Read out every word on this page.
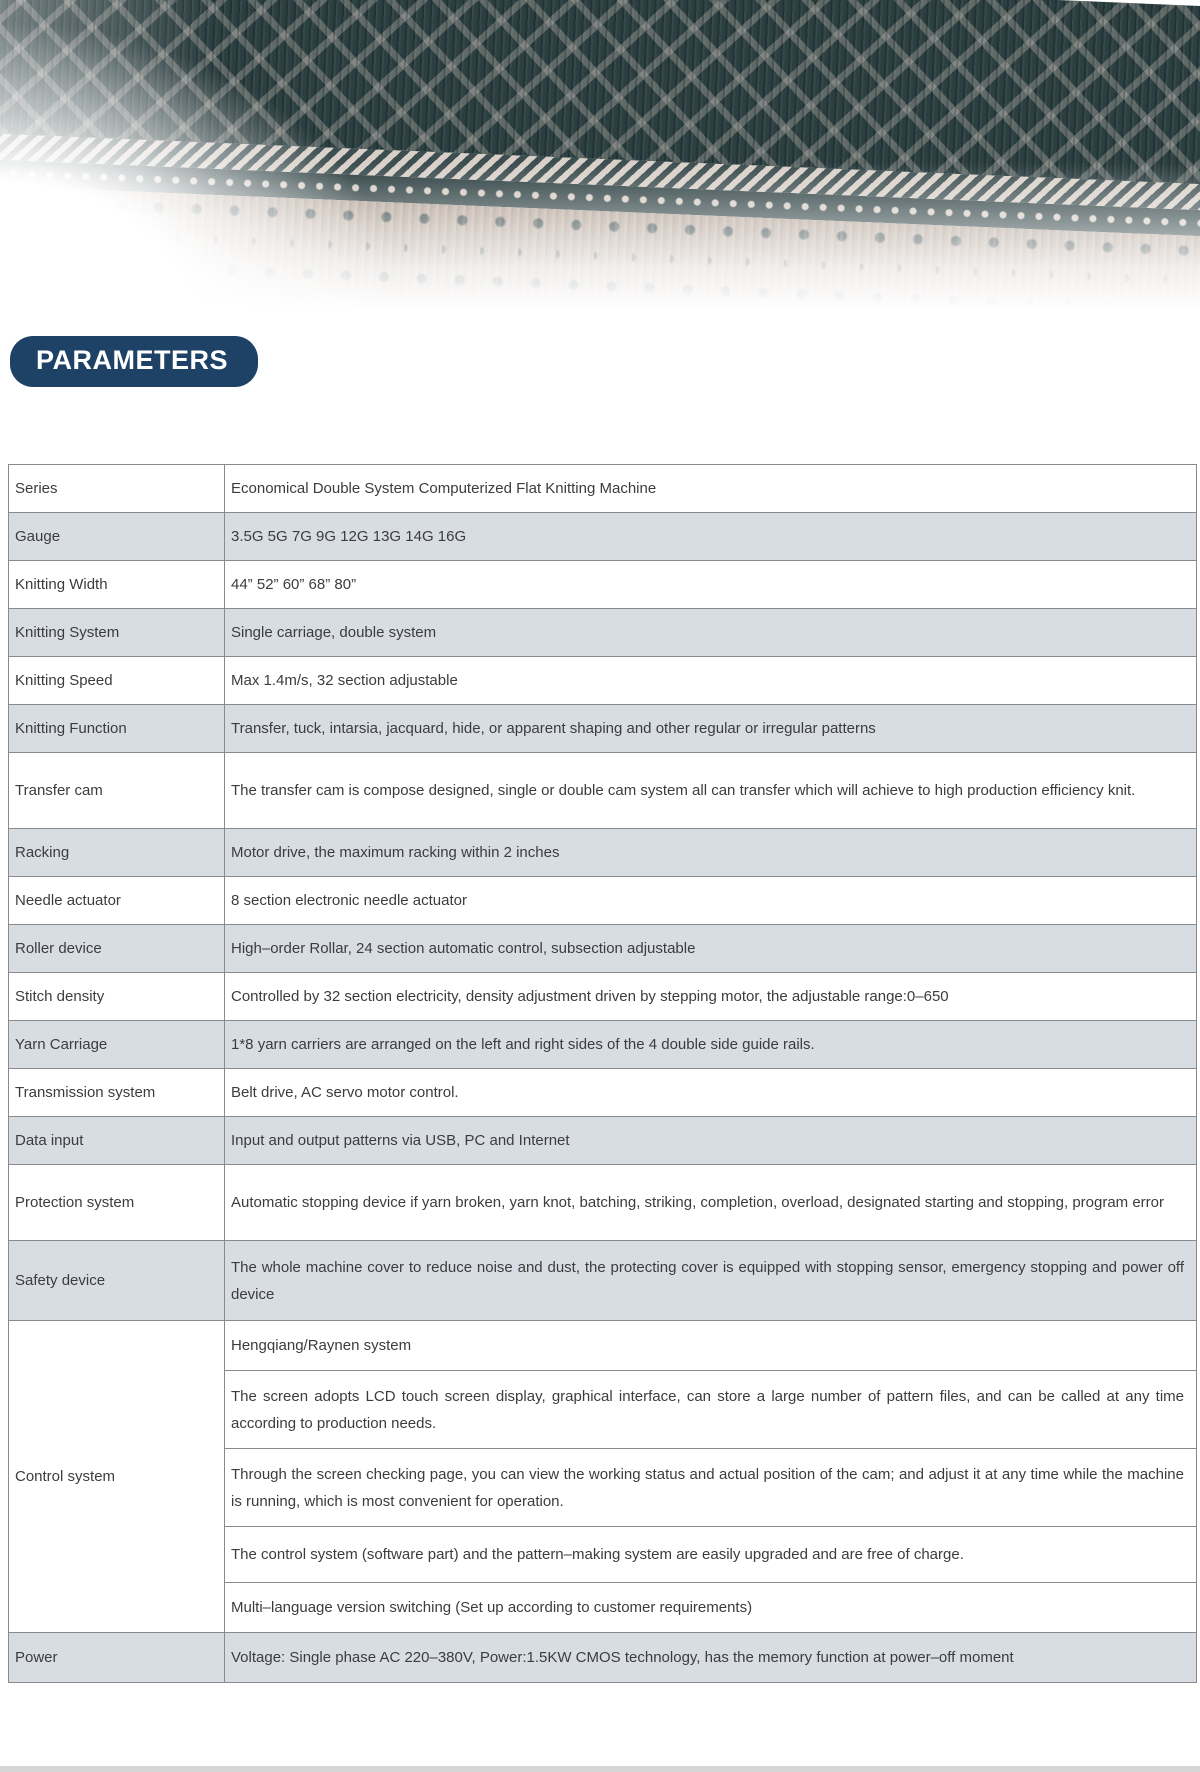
PARAMETERS
Series	Economical Double System Computerized Flat Knitting Machine
Gauge	3.5G 5G 7G 9G 12G 13G 14G 16G
Knitting Width	44” 52” 60” 68” 80”
Knitting System	Single carriage, double system
Knitting Speed	Max 1.4m/s, 32 section adjustable
Knitting Function	Transfer, tuck, intarsia, jacquard, hide, or apparent shaping and other regular or irregular patterns
Transfer cam	The transfer cam is compose designed, single or double cam system all can transfer which will achieve to high production efficiency knit.
Racking	Motor drive, the maximum racking within 2 inches
Needle actuator	8 section electronic needle actuator
Roller device	High–order Rollar, 24 section automatic control, subsection adjustable
Stitch density	Controlled by 32 section electricity, density adjustment driven by stepping motor, the adjustable range:0–650
Yarn Carriage	1*8 yarn carriers are arranged on the left and right sides of the 4 double side guide rails.
Transmission system	Belt drive, AC servo motor control.
Data input	Input and output patterns via USB, PC and Internet
Protection system	Automatic stopping device if yarn broken, yarn knot, batching, striking, completion, overload, designated starting and stopping, program error
Safety device	The whole machine cover to reduce noise and dust, the protecting cover is equipped with stopping sensor, emergency stopping and power off device
Control system	Hengqiang/Raynen system
	The screen adopts LCD touch screen display, graphical interface, can store a large number of pattern files, and can be called at any time according to production needs.
	Through the screen checking page, you can view the working status and actual position of the cam; and adjust it at any time while the machine is running, which is most convenient for operation.
	The control system (software part) and the pattern–making system are easily upgraded and are free of charge.
	Multi–language version switching (Set up according to customer requirements)
Power	Voltage: Single phase AC 220–380V, Power:1.5KW CMOS technology, has the memory function at power–off moment
